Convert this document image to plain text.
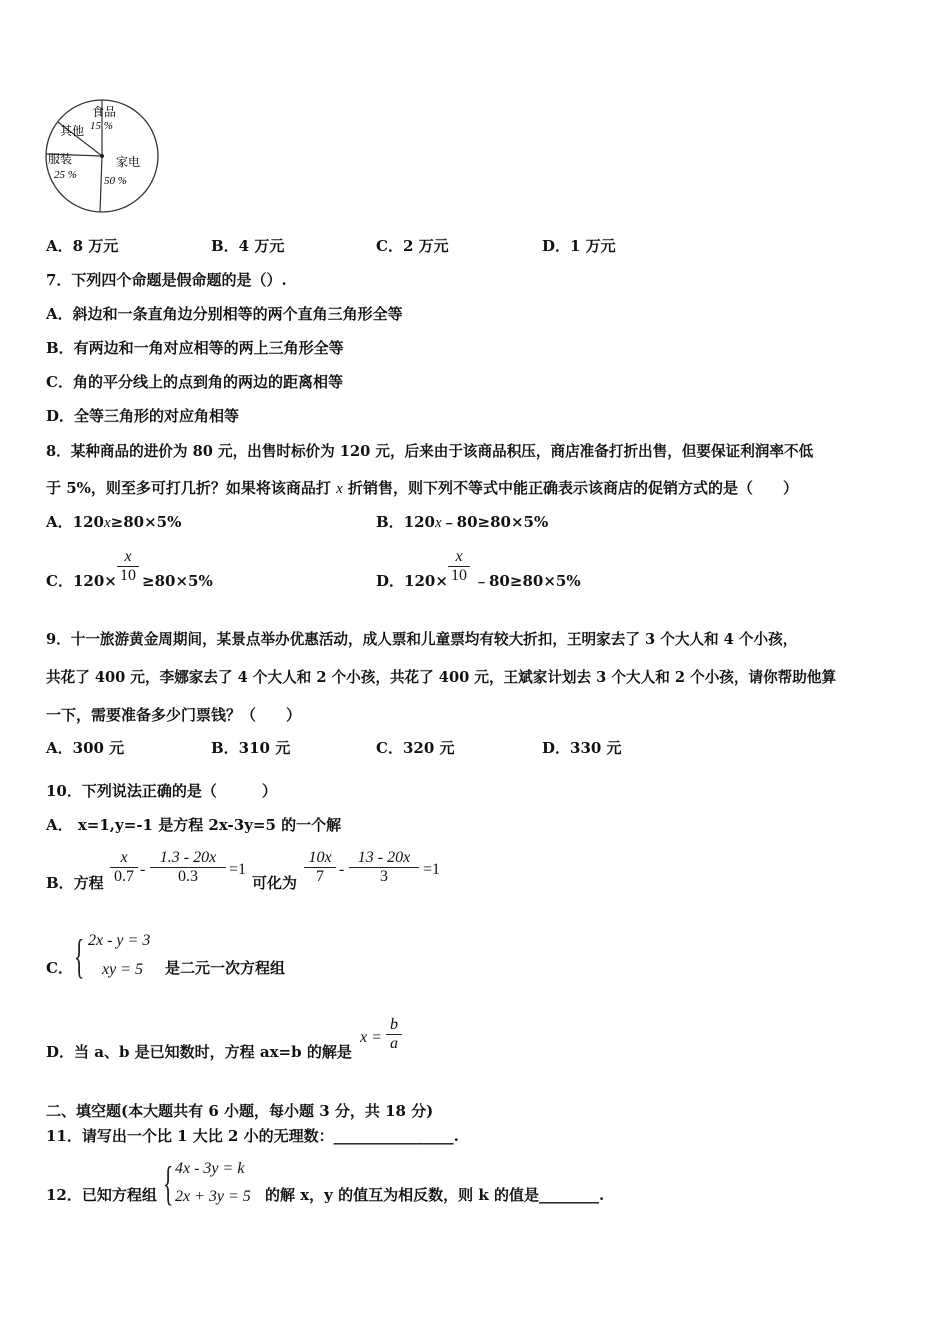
食品
15 %
其他
服装
25 %
家电
50 %
A．8 万元	B．4 万元	C．2 万元	D．1 万元
7．下列四个命题是假命题的是（）.
A．斜边和一条直角边分别相等的两个直角三角形全等
B．有两边和一角对应相等的两上三角形全等
C．角的平分线上的点到角的两边的距离相等
D．全等三角形的对应角相等
8．某种商品的进价为 80 元，出售时标价为 120 元，后来由于该商品积压，商店准备打折出售，但要保证利润率不低
于 5%，则至多可打几折？如果将该商品打 x 折销售，则下列不等式中能正确表示该商店的促销方式的是（　　）
A．120x≥80×5%	B．120x﹣80≥80×5%
C．120×
x
10 ≥80×5%	D．120×
x
10 ﹣80≥80×5%
9．十一旅游黄金周期间，某景点举办优惠活动，成人票和儿童票均有较大折扣，王明家去了 3 个大人和 4 个小孩，
共花了 400 元，李娜家去了 4 个大人和 2 个小孩，共花了 400 元，王斌家计划去 3 个大人和 2 个小孩，请你帮助他算
一下，需要准备多少门票钱？（　　）
A．300 元	B．310 元	C．320 元	D．330 元
10．下列说法正确的是（　　　）
A． x=1,y=-1 是方程 2x-3y=5 的一个解
B．方程
x
0.7 -
1.3 - 20x
0.3	=1
可化为
10x
7 -
13 - 20x
3	=1
C． { 2x - y = 3
xy = 5 是二元一次方程组
D．当 a、b 是已知数时，方程 ax=b 的解是
x =
b
a
二、填空题(本大题共有 6 小题，每小题 3 分，共 18 分)
11．请写出一个比 1 大比 2 小的无理数：________________.
12．已知方程组 { 4x - 3y = k
2x + 3y = 5 的解 x，y 的值互为相反数，则 k 的值是________.
